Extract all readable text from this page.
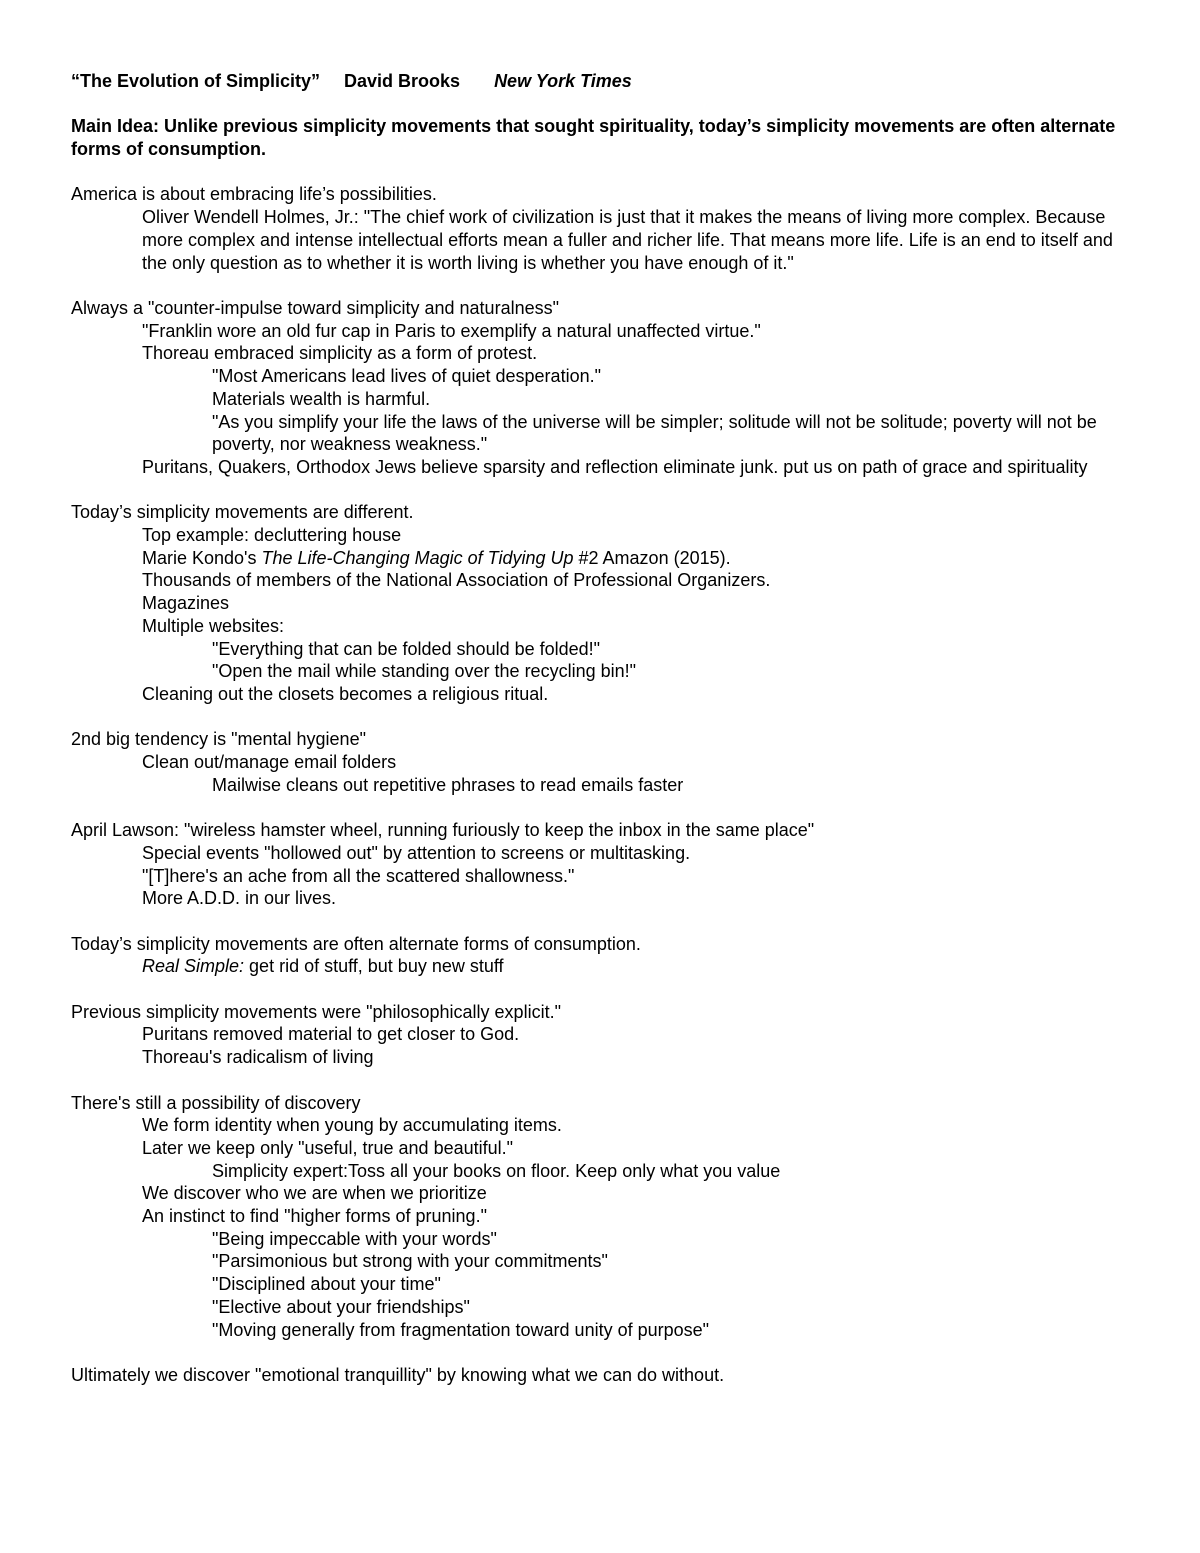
“The Evolution of Simplicity” David Brooks New York Times
Main Idea: Unlike previous simplicity movements that sought spirituality, today’s simplicity movements are often alternate forms of consumption.
America is about embracing life’s possibilities.
Oliver Wendell Holmes, Jr.: "The chief work of civilization is just that it makes the means of living more complex. Because more complex and intense intellectual efforts mean a fuller and richer life. That means more life. Life is an end to itself and the only question as to whether it is worth living is whether you have enough of it."
Always a "counter-impulse toward simplicity and naturalness"
"Franklin wore an old fur cap in Paris to exemplify a natural unaffected virtue."
Thoreau embraced simplicity as a form of protest.
"Most Americans lead lives of quiet desperation."
Materials wealth is harmful.
"As you simplify your life the laws of the universe will be simpler; solitude will not be solitude; poverty will not be poverty, nor weakness weakness."
Puritans, Quakers, Orthodox Jews believe sparsity and reflection eliminate junk. put us on path of grace and spirituality
Today’s simplicity movements are different.
Top example: decluttering house
Marie Kondo's The Life-Changing Magic of Tidying Up #2 Amazon (2015).
Thousands of members of the National Association of Professional Organizers.
Magazines
Multiple websites:
"Everything that can be folded should be folded!"
"Open the mail while standing over the recycling bin!"
Cleaning out the closets becomes a religious ritual.
2nd big tendency is "mental hygiene"
Clean out/manage email folders
Mailwise cleans out repetitive phrases to read emails faster
April Lawson: "wireless hamster wheel, running furiously to keep the inbox in the same place"
Special events "hollowed out" by attention to screens or multitasking.
"[T]here's an ache from all the scattered shallowness."
More A.D.D. in our lives.
Today’s simplicity movements are often alternate forms of consumption.
Real Simple: get rid of stuff, but buy new stuff
Previous simplicity movements were "philosophically explicit."
Puritans removed material to get closer to God.
Thoreau's radicalism of living
There's still a possibility of discovery
We form identity when young by accumulating items.
Later we keep only "useful, true and beautiful."
Simplicity expert:Toss all your books on floor. Keep only what you value
We discover who we are when we prioritize
An instinct to find "higher forms of pruning."
"Being impeccable with your words"
"Parsimonious but strong with your commitments"
"Disciplined about your time"
"Elective about your friendships"
"Moving generally from fragmentation toward unity of purpose"
Ultimately we discover "emotional tranquillity" by knowing what we can do without.
